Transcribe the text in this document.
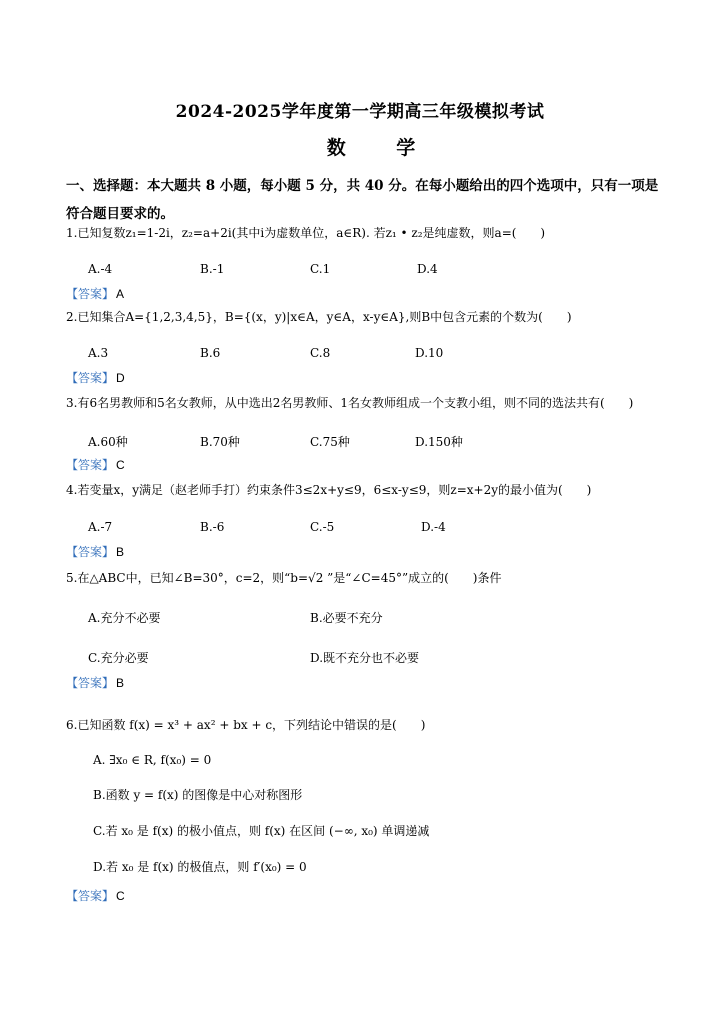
2024-2025学年度第一学期高三年级模拟考试
数 学
一、选择题：本大题共 8 小题，每小题 5 分，共 40 分。在每小题给出的四个选项中，只有一项是符合题目要求的。
1.已知复数z₁=1-2i，z₂=a+2i(其中i为虚数单位，a∈R). 若z₁ • z₂是纯虚数，则a=(　　)
A.-4	B.-1	C.1	D.4
【答案】 A
2.已知集合A={1,2,3,4,5}，B={(x，y)|x∈A，y∈A，x-y∈A},则B中包含元素的个数为(　　)
A.3	B.6	C.8	D.10
【答案】 D
3.有6名男教师和5名女教师，从中选出2名男教师、1名女教师组成一个支教小组，则不同的选法共有(　　)
A.60种	B.70种	C.75种	D.150种
【答案】 C
4.若变量x，y满足（赵老师手打）约束条件3≤2x+y≤9，6≤x-y≤9，则z=x+2y的最小值为(　　)
A.-7	B.-6	C.-5	D.-4
【答案】 B
5.在△ABC中，已知∠B=30°，c=2，则“b=√2 ”是“∠C=45°”成立的(　　)条件
A.充分不必要	B.必要不充分
C.充分必要	D.既不充分也不必要
【答案】 B
6.已知函数 f(x) = x³ + ax² + bx + c，下列结论中错误的是(　　)
A. ∃x₀ ∈ R, f(x₀) = 0
B.函数 y = f(x) 的图像是中心对称图形
C.若 x₀ 是 f(x) 的极小值点，则 f(x) 在区间 (−∞, x₀) 单调递减
D.若 x₀ 是 f(x) 的极值点，则 f′(x₀) = 0
【答案】 C
